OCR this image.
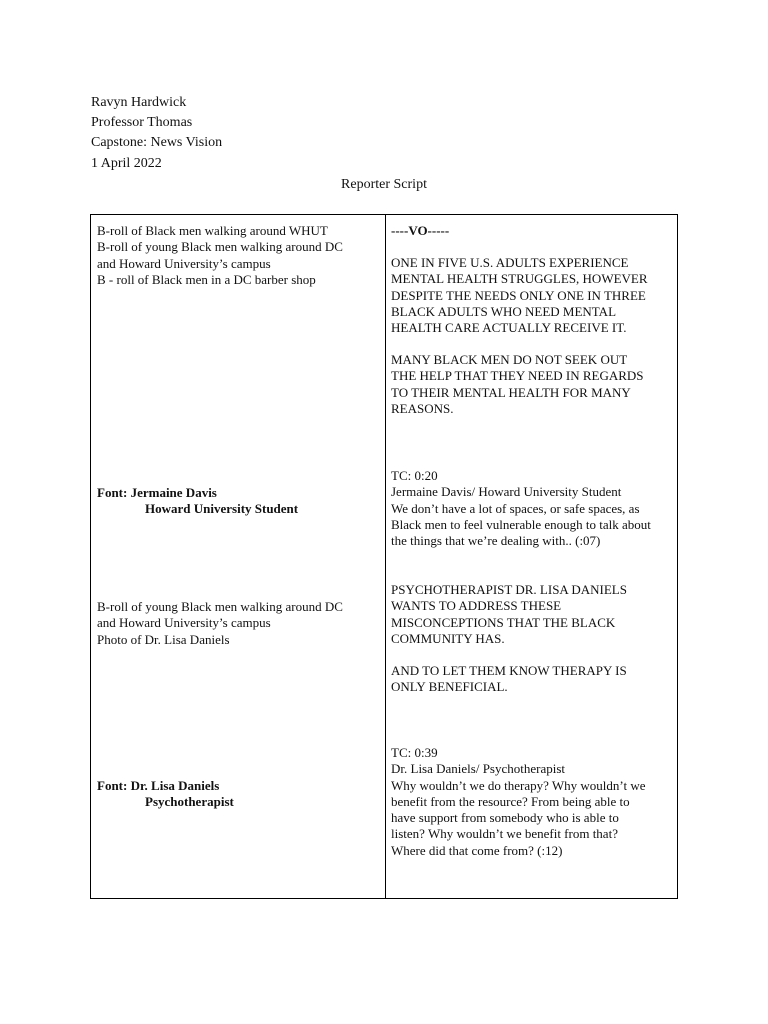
Ravyn Hardwick
Professor Thomas
Capstone: News Vision
1 April 2022
Reporter Script
B-roll of Black men walking around WHUT
B-roll of young Black men walking around DC
and Howard University’s campus
B - roll of Black men in a DC barber shop
Font: Jermaine Davis
Howard University Student
B-roll of young Black men walking around DC
and Howard University’s campus
Photo of Dr. Lisa Daniels
Font: Dr. Lisa Daniels
Psychotherapist
----VO-----
ONE IN FIVE U.S. ADULTS EXPERIENCE
MENTAL HEALTH STRUGGLES, HOWEVER
DESPITE THE NEEDS ONLY ONE IN THREE
BLACK ADULTS WHO NEED MENTAL
HEALTH CARE ACTUALLY RECEIVE IT.
MANY BLACK MEN DO NOT SEEK OUT
THE HELP THAT THEY NEED IN REGARDS
TO THEIR MENTAL HEALTH FOR MANY
REASONS.
TC: 0:20
Jermaine Davis/ Howard University Student
We don’t have a lot of spaces, or safe spaces, as
Black men to feel vulnerable enough to talk about
the things that we’re dealing with.. (:07)
PSYCHOTHERAPIST DR. LISA DANIELS
WANTS TO ADDRESS THESE
MISCONCEPTIONS THAT THE BLACK
COMMUNITY HAS.
AND TO LET THEM KNOW THERAPY IS
ONLY BENEFICIAL.
TC: 0:39
Dr. Lisa Daniels/ Psychotherapist
Why wouldn’t we do therapy? Why wouldn’t we
benefit from the resource? From being able to
have support from somebody who is able to
listen? Why wouldn’t we benefit from that?
Where did that come from? (:12)
